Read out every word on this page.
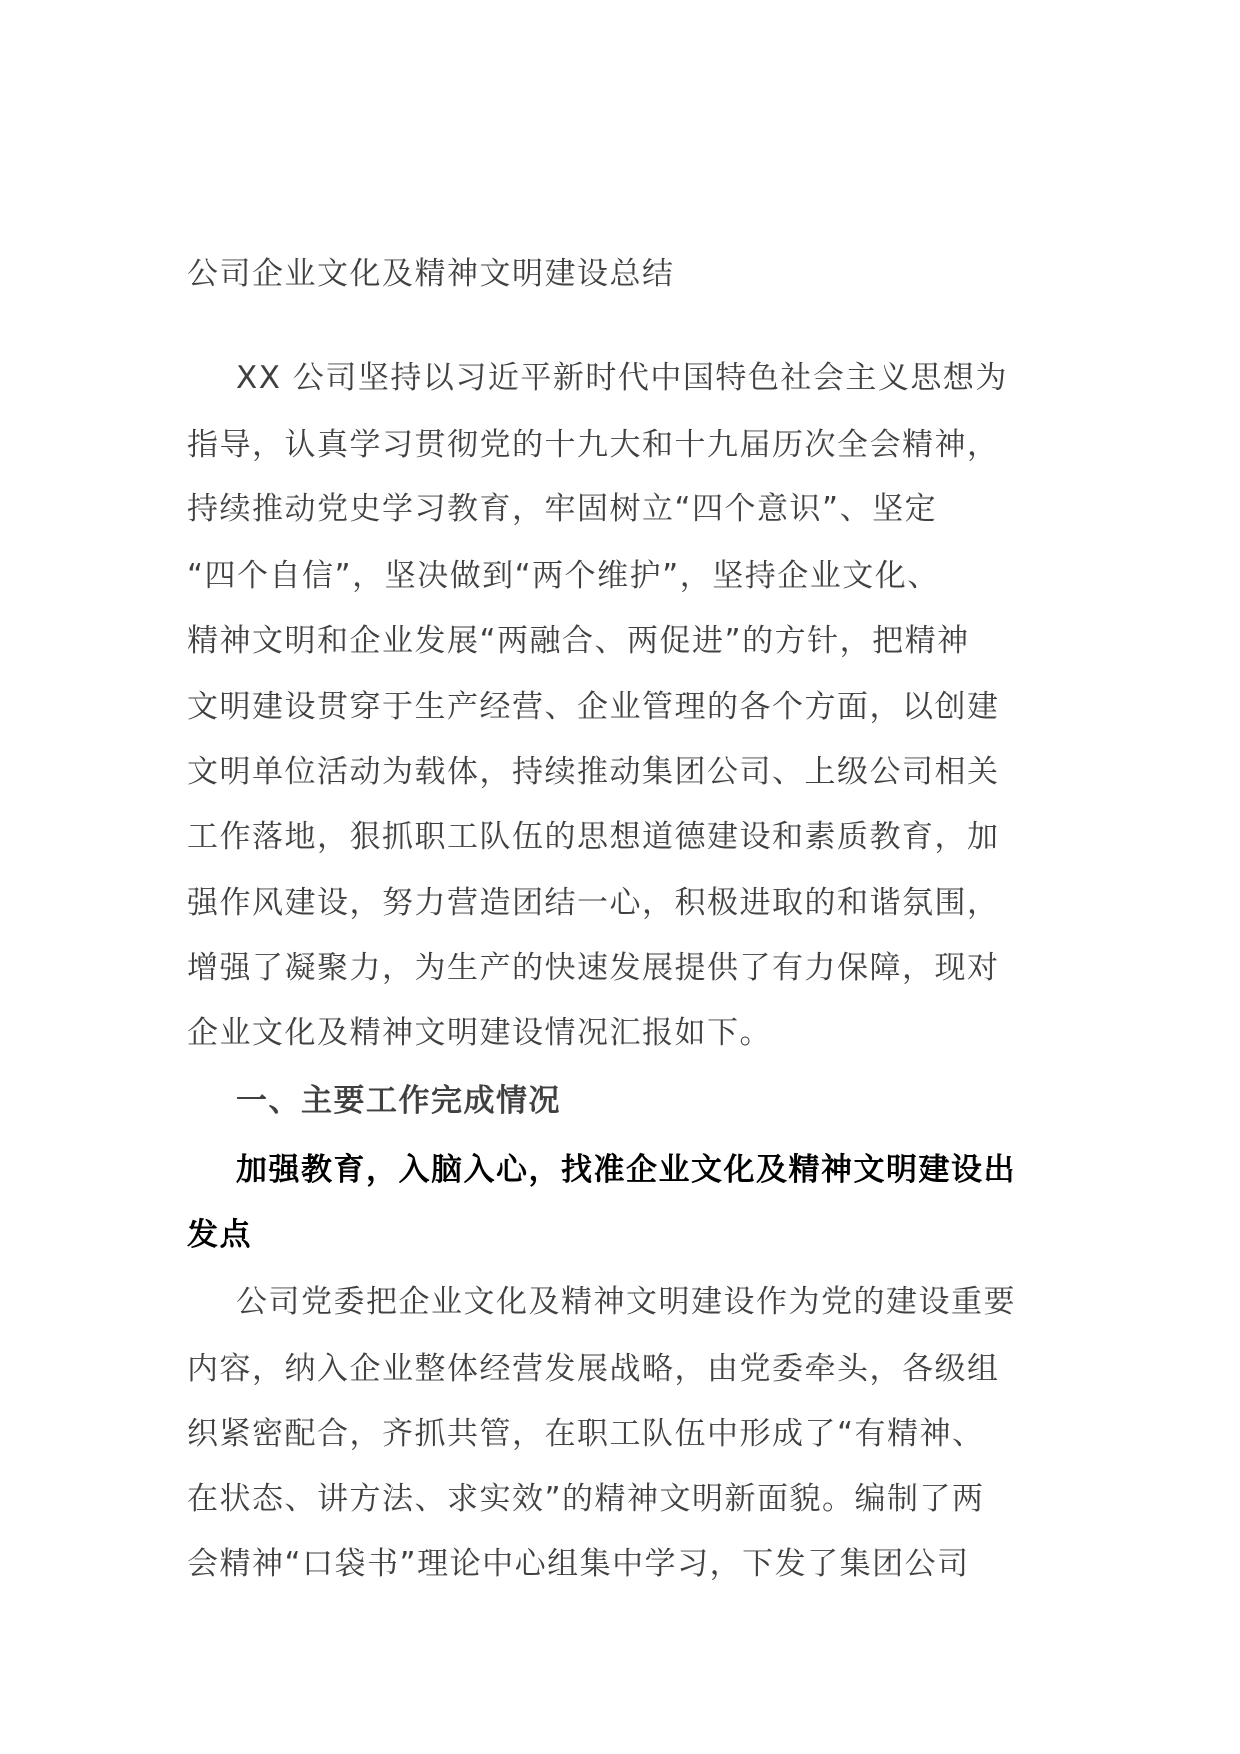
公司企业文化及精神文明建设总结
XX 公司坚持以习近平新时代中国特色社会主义思想为
指导，认真学习贯彻党的十九大和十九届历次全会精神，
持续推动党史学习教育，牢固树立“四个意识”、坚定
“四个自信”，坚决做到“两个维护”，坚持企业文化、
精神文明和企业发展“两融合、两促进”的方针，把精神
文明建设贯穿于生产经营、企业管理的各个方面，以创建
文明单位活动为载体，持续推动集团公司、上级公司相关
工作落地，狠抓职工队伍的思想道德建设和素质教育，加
强作风建设，努力营造团结一心，积极进取的和谐氛围，
增强了凝聚力，为生产的快速发展提供了有力保障，现对
企业文化及精神文明建设情况汇报如下。
一、主要工作完成情况
加强教育，入脑入心，找准企业文化及精神文明建设出
发点
公司党委把企业文化及精神文明建设作为党的建设重要
内容，纳入企业整体经营发展战略，由党委牵头，各级组
织紧密配合，齐抓共管，在职工队伍中形成了“有精神、
在状态、讲方法、求实效”的精神文明新面貌。编制了两
会精神“口袋书”理论中心组集中学习，下发了集团公司
